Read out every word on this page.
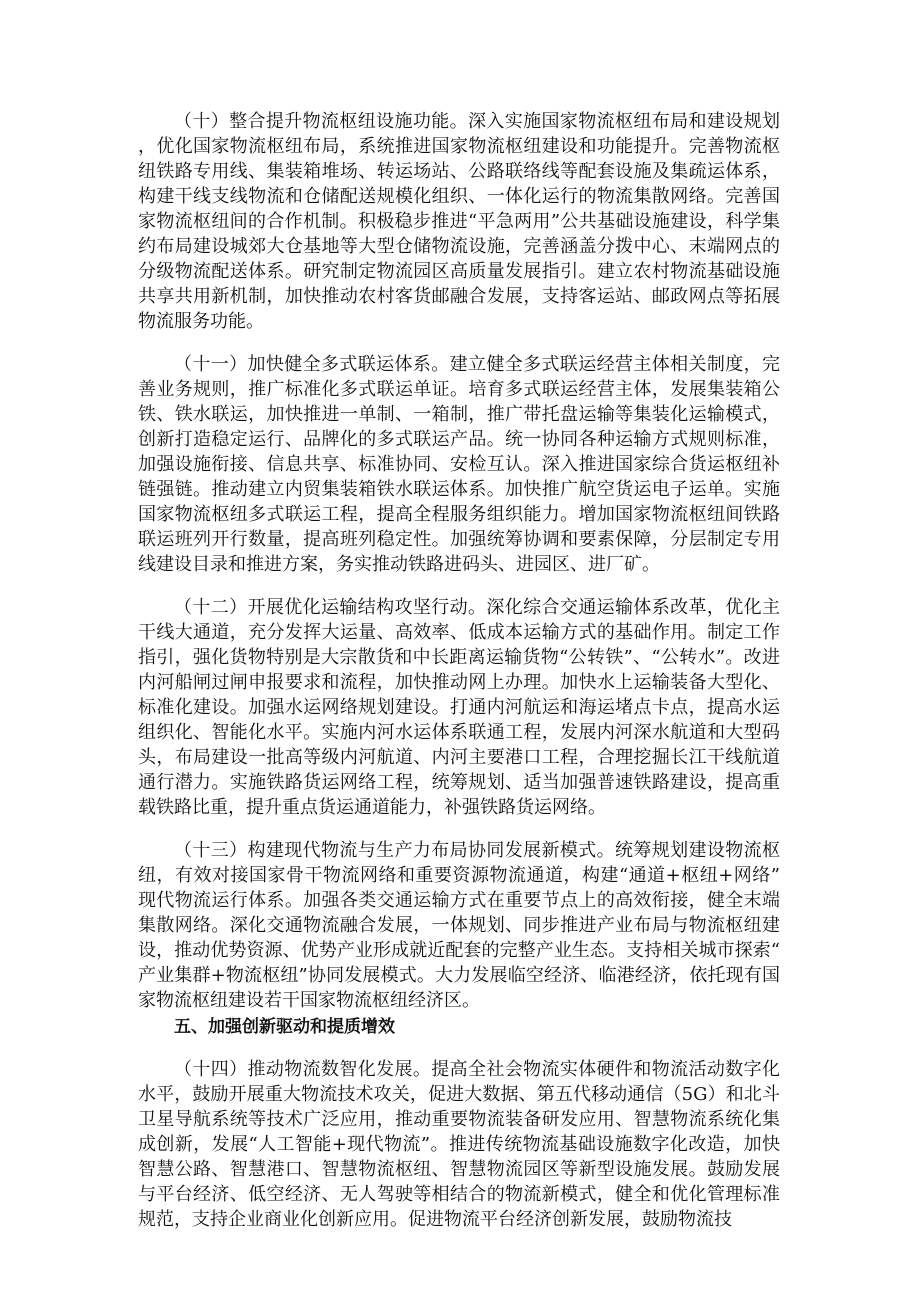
（十）整合提升物流枢纽设施功能。深入实施国家物流枢纽布局和建设规划，优化国家物流枢纽布局，系统推进国家物流枢纽建设和功能提升。完善物流枢纽铁路专用线、集装箱堆场、转运场站、公路联络线等配套设施及集疏运体系，构建干线支线物流和仓储配送规模化组织、一体化运行的物流集散网络。完善国家物流枢纽间的合作机制。积极稳步推进“平急两用”公共基础设施建设，科学集约布局建设城郊大仓基地等大型仓储物流设施，完善涵盖分拨中心、末端网点的分级物流配送体系。研究制定物流园区高质量发展指引。建立农村物流基础设施共享共用新机制，加快推动农村客货邮融合发展，支持客运站、邮政网点等拓展物流服务功能。

（十一）加快健全多式联运体系。建立健全多式联运经营主体相关制度，完善业务规则，推广标准化多式联运单证。培育多式联运经营主体，发展集装箱公铁、铁水联运，加快推进一单制、一箱制，推广带托盘运输等集装化运输模式，创新打造稳定运行、品牌化的多式联运产品。统一协同各种运输方式规则标准，加强设施衔接、信息共享、标准协同、安检互认。深入推进国家综合货运枢纽补链强链。推动建立内贸集装箱铁水联运体系。加快推广航空货运电子运单。实施国家物流枢纽多式联运工程，提高全程服务组织能力。增加国家物流枢纽间铁路联运班列开行数量，提高班列稳定性。加强统筹协调和要素保障，分层制定专用线建设目录和推进方案，务实推动铁路进码头、进园区、进厂矿。

（十二）开展优化运输结构攻坚行动。深化综合交通运输体系改革，优化主干线大通道，充分发挥大运量、高效率、低成本运输方式的基础作用。制定工作指引，强化货物特别是大宗散货和中长距离运输货物“公转铁”、“公转水”。改进内河船闸过闸申报要求和流程，加快推动网上办理。加快水上运输装备大型化、标准化建设。加强水运网络规划建设。打通内河航运和海运堵点卡点，提高水运组织化、智能化水平。实施内河水运体系联通工程，发展内河深水航道和大型码头，布局建设一批高等级内河航道、内河主要港口工程，合理挖掘长江干线航道通行潜力。实施铁路货运网络工程，统筹规划、适当加强普速铁路建设，提高重载铁路比重，提升重点货运通道能力，补强铁路货运网络。

（十三）构建现代物流与生产力布局协同发展新模式。统筹规划建设物流枢纽，有效对接国家骨干物流网络和重要资源物流通道，构建“通道+枢纽+网络”现代物流运行体系。加强各类交通运输方式在重要节点上的高效衔接，健全末端集散网络。深化交通物流融合发展，一体规划、同步推进产业布局与物流枢纽建设，推动优势资源、优势产业形成就近配套的完整产业生态。支持相关城市探索“产业集群+物流枢纽”协同发展模式。大力发展临空经济、临港经济，依托现有国家物流枢纽建设若干国家物流枢纽经济区。

五、加强创新驱动和提质增效

（十四）推动物流数智化发展。提高全社会物流实体硬件和物流活动数字化水平，鼓励开展重大物流技术攻关，促进大数据、第五代移动通信（5G）和北斗卫星导航系统等技术广泛应用，推动重要物流装备研发应用、智慧物流系统化集成创新，发展“人工智能+现代物流”。推进传统物流基础设施数字化改造，加快智慧公路、智慧港口、智慧物流枢纽、智慧物流园区等新型设施发展。鼓励发展与平台经济、低空经济、无人驾驶等相结合的物流新模式，健全和优化管理标准规范，支持企业商业化创新应用。促进物流平台经济创新发展，鼓励物流技
